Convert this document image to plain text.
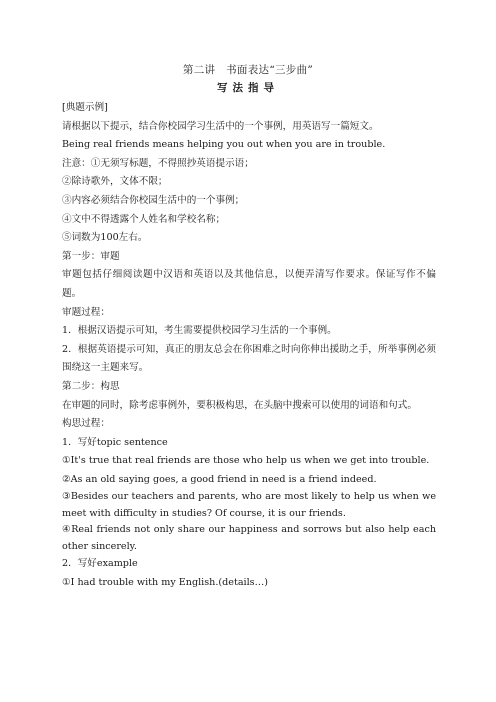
第二讲　书面表达“三步曲”
写法指导

[典题示例]

请根据以下提示，结合你校园学习生活中的一个事例，用英语写一篇短文。

Being real friends means helping you out when you are in trouble.

注意：①无须写标题，不得照抄英语提示语；

②除诗歌外，文体不限；

③内容必须结合你校园生活中的一个事例；

④文中不得透露个人姓名和学校名称；

⑤词数为100左右。

第一步：审题

审题包括仔细阅读题中汉语和英语以及其他信息，以便弄清写作要求。保证写作不偏题。

审题过程：

1．根据汉语提示可知，考生需要提供校园学习生活的一个事例。

2．根据英语提示可知，真正的朋友总会在你困难之时向你伸出援助之手，所举事例必须围绕这一主题来写。

第二步：构思

在审题的同时，除考虑事例外，要积极构思，在头脑中搜索可以使用的词语和句式。

构思过程：

1．写好topic sentence

①It's true that real friends are those who help us when we get into trouble.

②As an old saying goes, a good friend in need is a friend indeed.

③Besides our teachers and parents, who are most likely to help us when we meet with difficulty in studies? Of course, it is our friends.

④Real friends not only share our happiness and sorrows but also help each other sincerely.

2．写好example

①I had trouble with my English.(details…)
